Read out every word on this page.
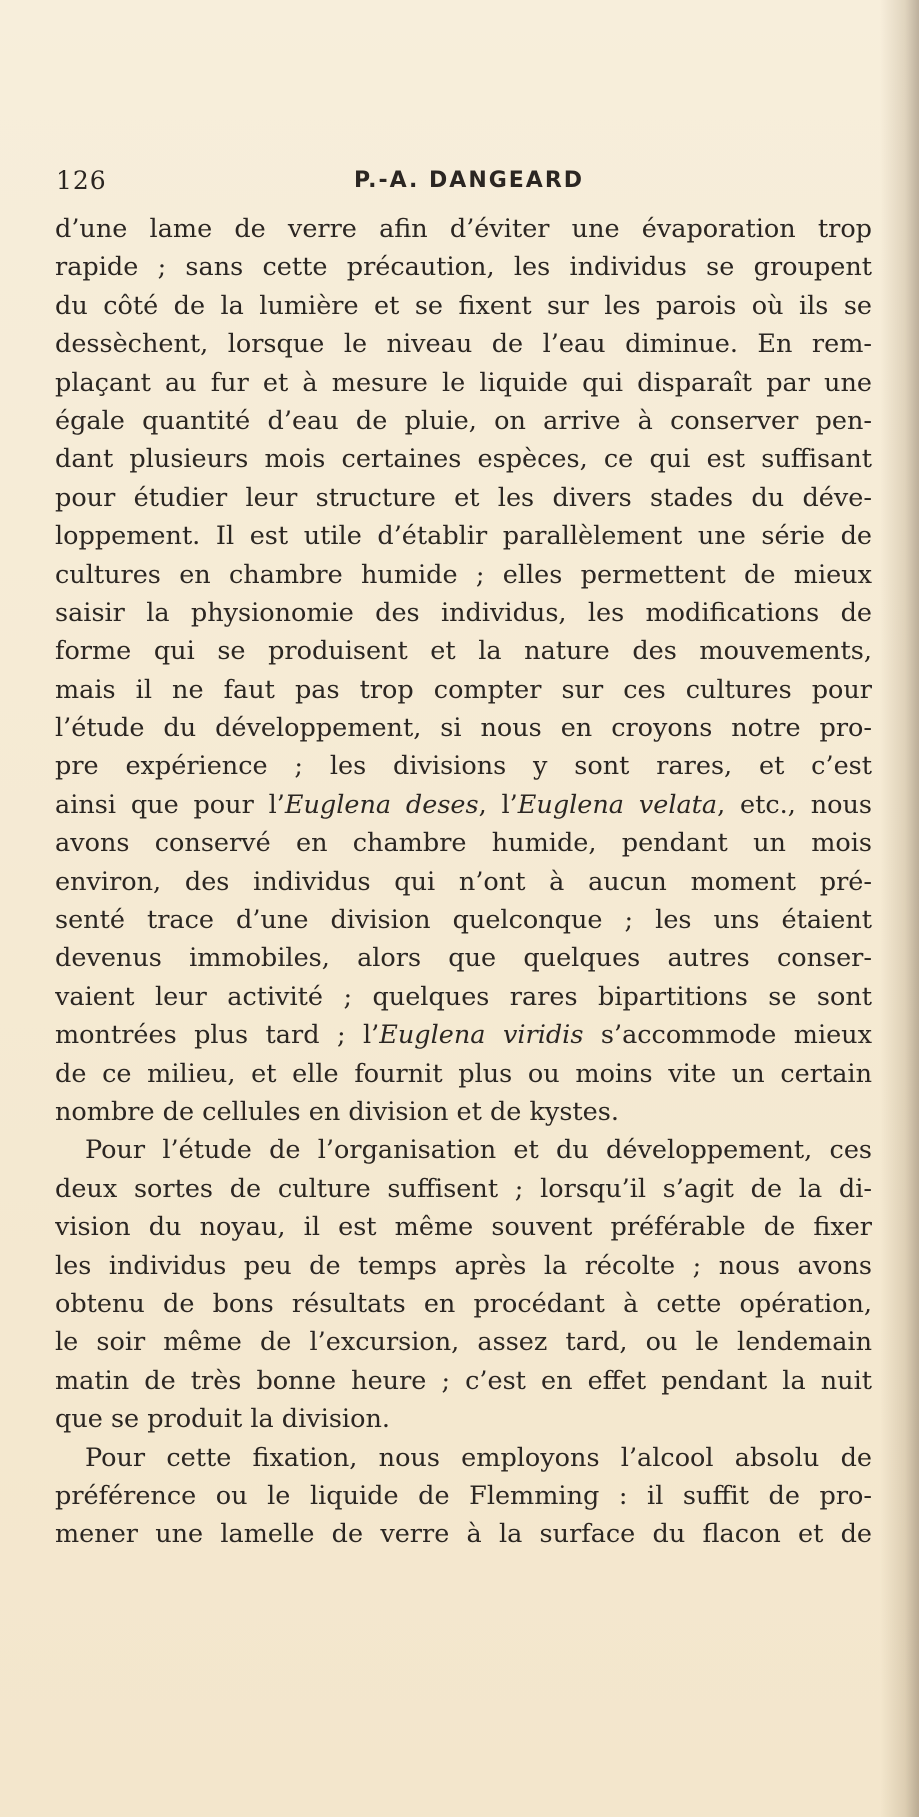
126	P.-A. DANGEARD
d’une lame de verre afin d’éviter une évaporation trop
rapide ; sans cette précaution, les individus se groupent
du côté de la lumière et se fixent sur les parois où ils se
dessèchent, lorsque le niveau de l’eau diminue. En rem-
plaçant au fur et à mesure le liquide qui disparaît par une
égale quantité d’eau de pluie, on arrive à conserver pen-
dant plusieurs mois certaines espèces, ce qui est suffisant
pour étudier leur structure et les divers stades du déve-
loppement. Il est utile d’établir parallèlement une série de
cultures en chambre humide ; elles permettent de mieux
saisir la physionomie des individus, les modifications de
forme qui se produisent et la nature des mouvements,
mais il ne faut pas trop compter sur ces cultures pour
l’étude du développement, si nous en croyons notre pro-
pre expérience ; les divisions y sont rares, et c’est
ainsi que pour l’Euglena deses, l’Euglena velata, etc., nous
avons conservé en chambre humide, pendant un mois
environ, des individus qui n’ont à aucun moment pré-
senté trace d’une division quelconque ; les uns étaient
devenus immobiles, alors que quelques autres conser-
vaient leur activité ; quelques rares bipartitions se sont
montrées plus tard ; l’Euglena viridis s’accommode mieux
de ce milieu, et elle fournit plus ou moins vite un certain
nombre de cellules en division et de kystes.
Pour l’étude de l’organisation et du développement, ces
deux sortes de culture suffisent ; lorsqu’il s’agit de la di-
vision du noyau, il est même souvent préférable de fixer
les individus peu de temps après la récolte ; nous avons
obtenu de bons résultats en procédant à cette opération,
le soir même de l’excursion, assez tard, ou le lendemain
matin de très bonne heure ; c’est en effet pendant la nuit
que se produit la division.
Pour cette fixation, nous employons l’alcool absolu de
préférence ou le liquide de Flemming : il suffit de pro-
mener une lamelle de verre à la surface du flacon et de
